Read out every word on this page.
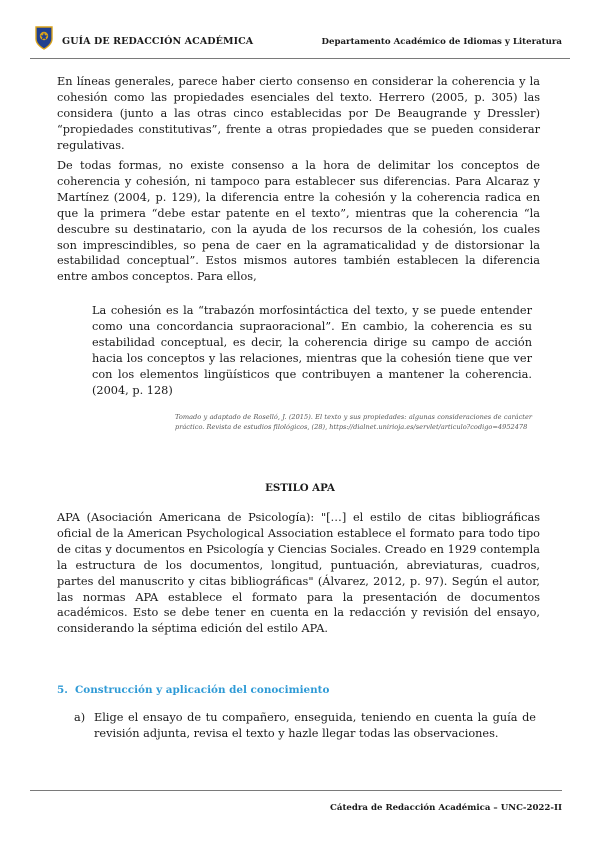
GUÍA DE REDACCIÓN ACADÉMICA	Departamento Académico de Idiomas y Literatura

En líneas generales, parece haber cierto consenso en considerar la coherencia y la cohesión como las propiedades esenciales del texto. Herrero (2005, p. 305) las considera (junto a las otras cinco establecidas por De Beaugrande y Dressler) “propiedades constitutivas”, frente a otras propiedades que se pueden considerar regulativas.

De todas formas, no existe consenso a la hora de delimitar los conceptos de coherencia y cohesión, ni tampoco para establecer sus diferencias. Para Alcaraz y Martínez (2004, p. 129), la diferencia entre la cohesión y la coherencia radica en que la primera “debe estar patente en el texto”, mientras que la coherencia “la descubre su destinatario, con la ayuda de los recursos de la cohesión, los cuales son imprescindibles, so pena de caer en la agramaticalidad y de distorsionar la estabilidad conceptual”. Estos mismos autores también establecen la diferencia entre ambos conceptos. Para ellos,

La cohesión es la “trabazón morfosintáctica del texto, y se puede entender como una concordancia supraoracional”. En cambio, la coherencia es su estabilidad conceptual, es decir, la coherencia dirige su campo de acción hacia los conceptos y las relaciones, mientras que la cohesión tiene que ver con los elementos lingüísticos que contribuyen a mantener la coherencia. (2004, p. 128)

Tomado y adaptado de Roselló, J. (2015). El texto y sus propiedades: algunas consideraciones de carácter práctico. Revista de estudios filológicos, (28), https://dialnet.unirioja.es/servlet/articulo?codigo=4952478

ESTILO APA

APA (Asociación Americana de Psicología): "[…] el estilo de citas bibliográficas oficial de la American Psychological Association establece el formato para todo tipo de citas y documentos en Psicología y Ciencias Sociales. Creado en 1929 contempla la estructura de los documentos, longitud, puntuación, abreviaturas, cuadros, partes del manuscrito y citas bibliográficas" (Álvarez, 2012, p. 97). Según el autor, las normas APA establece el formato para la presentación de documentos académicos. Esto se debe tener en cuenta en la redacción y revisión del ensayo, considerando la séptima edición del estilo APA.

5. Construcción y aplicación del conocimiento
a) Elige el ensayo de tu compañero, enseguida, teniendo en cuenta la guía de revisión adjunta, revisa el texto y hazle llegar todas las observaciones.
Cátedra de Redacción Académica – UNC-2022-II
